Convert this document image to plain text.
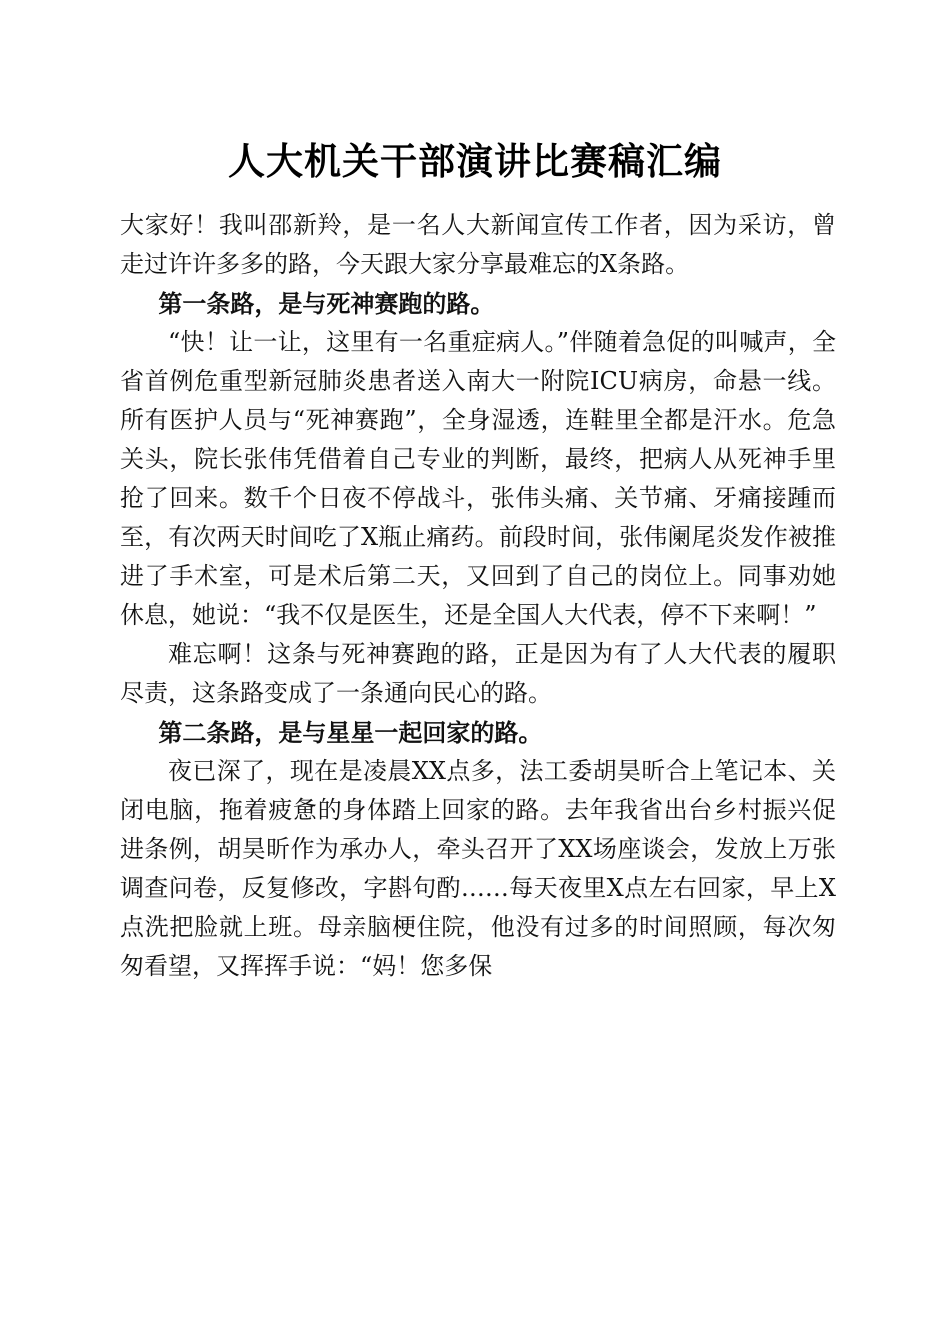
人大机关干部演讲比赛稿汇编

大家好！我叫邵新羚，是一名人大新闻宣传工作者，因为采访，曾走过许许多多的路，今天跟大家分享最难忘的X条路。

第一条路，是与死神赛跑的路。

“快！让一让，这里有一名重症病人。”伴随着急促的叫喊声，全省首例危重型新冠肺炎患者送入南大一附院ICU病房，命悬一线。所有医护人员与“死神赛跑”，全身湿透，连鞋里全都是汗水。危急关头，院长张伟凭借着自己专业的判断，最终，把病人从死神手里抢了回来。数千个日夜不停战斗，张伟头痛、关节痛、牙痛接踵而至，有次两天时间吃了X瓶止痛药。前段时间，张伟阑尾炎发作被推进了手术室，可是术后第二天，又回到了自己的岗位上。同事劝她休息，她说：“我不仅是医生，还是全国人大代表，停不下来啊！”

难忘啊！这条与死神赛跑的路，正是因为有了人大代表的履职尽责，这条路变成了一条通向民心的路。

第二条路，是与星星一起回家的路。

夜已深了，现在是凌晨XX点多，法工委胡昊昕合上笔记本、关闭电脑，拖着疲惫的身体踏上回家的路。去年我省出台乡村振兴促进条例，胡昊昕作为承办人，牵头召开了XX场座谈会，发放上万张调查问卷，反复修改，字斟句酌……每天夜里X点左右回家，早上X点洗把脸就上班。母亲脑梗住院，他没有过多的时间照顾，每次匆匆看望，又挥挥手说：“妈！您多保
